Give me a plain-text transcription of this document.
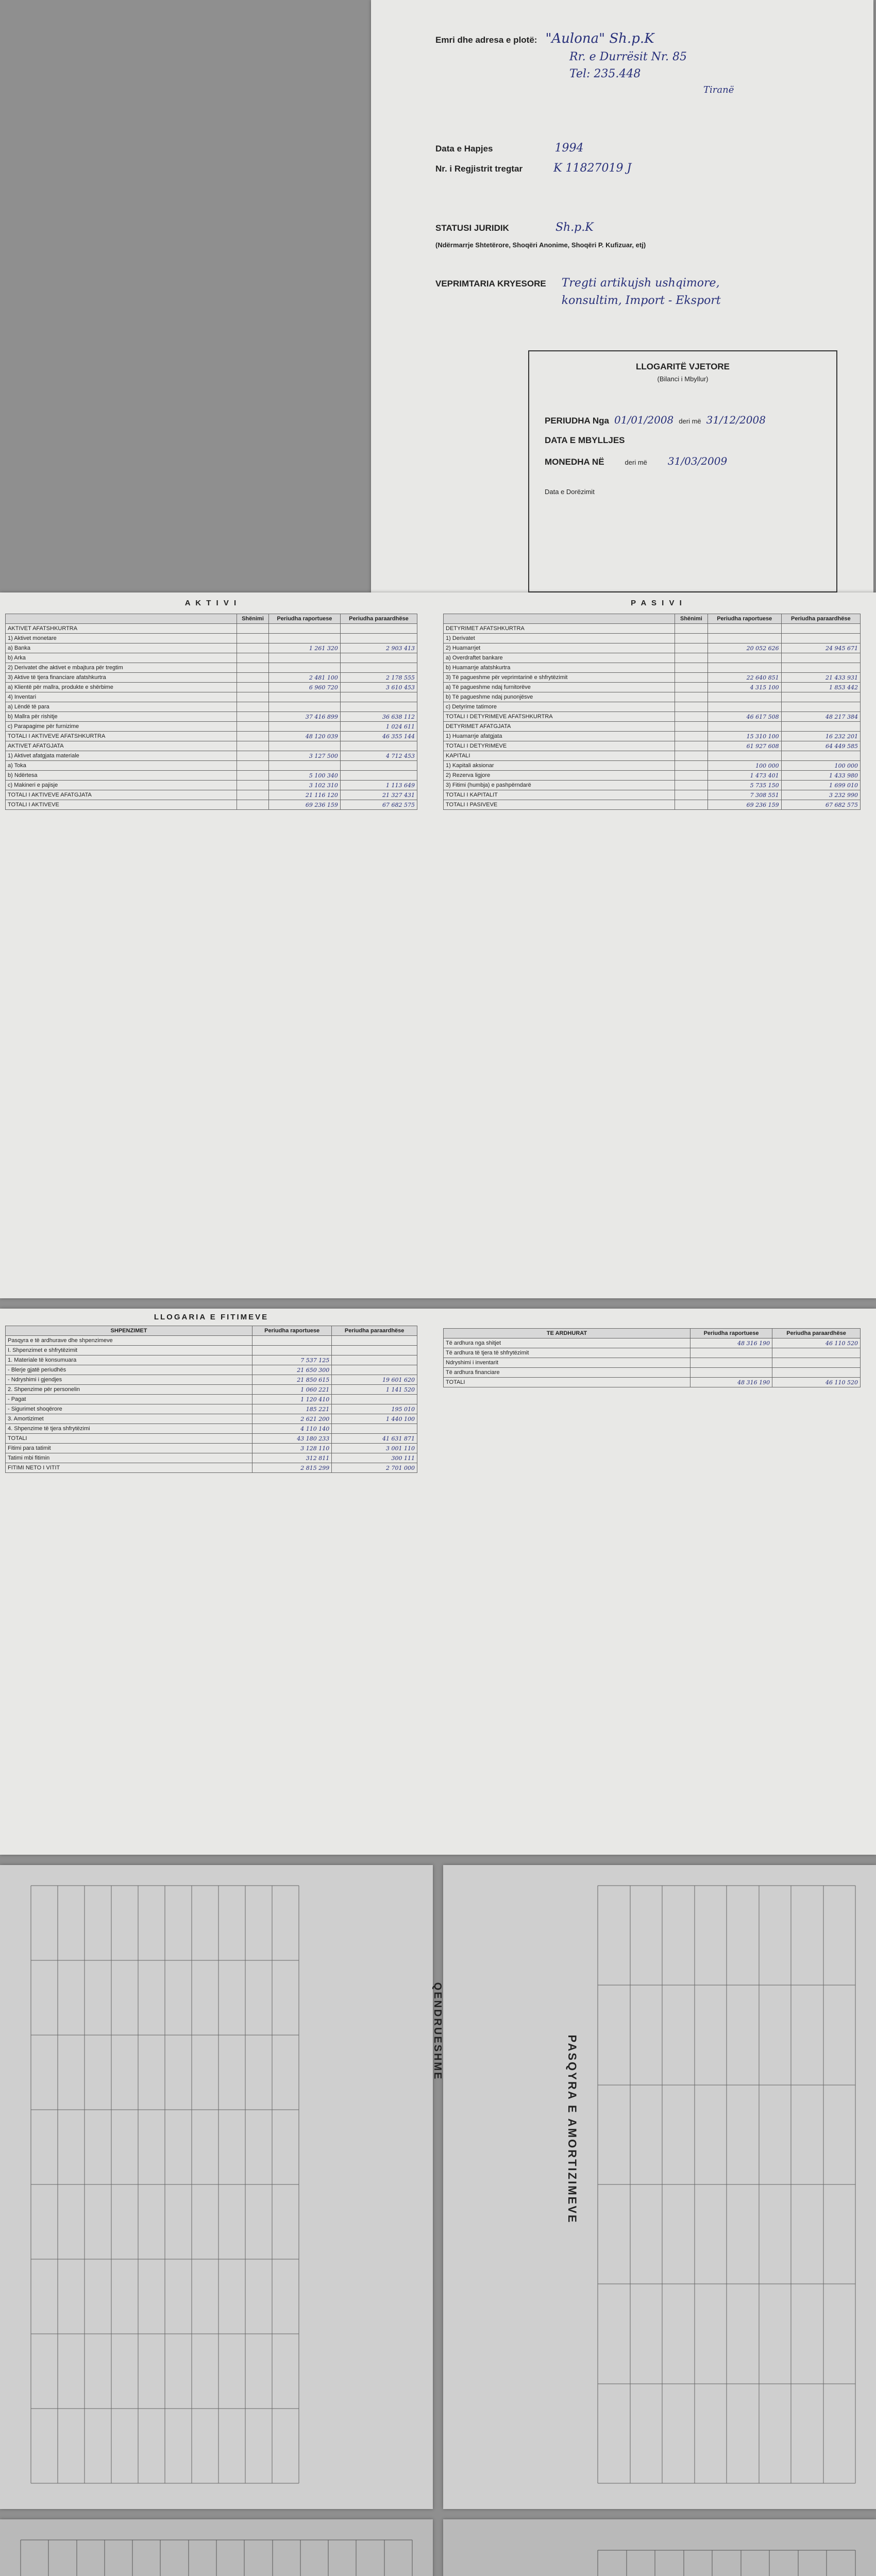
Emri dhe adresa e plotë: "Aulona" Sh.p.K
Rr. e Durrësit Nr. 85
Tel: 235.448
Tiranë
Data e Hapjes	1994
Nr. i Regjistrit tregtar	K 11827019 J
STATUSI JURIDIK	Sh.p.K
(Ndërmarrje Shtetërore, Shoqëri Anonime, Shoqëri P. Kufizuar, etj)
VEPRIMTARIA KRYESORE Tregti artikujsh ushqimore, konsultim, Import - Eksport
LLOGARITË VJETORE
(Bilanci i Mbyllur)
PERIUDHA Nga 01/01/2008 deri më 31/12/2008
DATA E MBYLLJES
MONEDHA NË	deri më 31/03/2009
Data e Dorëzimit
A K T I V I
	Shënimi	Periudha raportuese	Periudha paraardhëse
AKTIVET AFATSHKURTRA			
1) Aktivet monetare			
a) Banka		1 261 320	2 903 413
b) Arka			
2) Derivatet dhe aktivet e mbajtura për tregtim			
3) Aktive të tjera financiare afatshkurtra		2 481 100	2 178 555
a) Klientë për mallra, produkte e shërbime		6 960 720	3 610 453
4) Inventari			
a) Lëndë të para			
b) Mallra për rishitje		37 416 899	36 638 112
c) Parapagime për furnizime			1 024 611
TOTALI I AKTIVEVE AFATSHKURTRA		48 120 039	46 355 144
AKTIVET AFATGJATA			
1) Aktivet afatgjata materiale		3 127 500	4 712 453
a) Toka			
b) Ndërtesa		5 100 340	
c) Makineri e pajisje		3 102 310	1 113 649
TOTALI I AKTIVEVE AFATGJATA		21 116 120	21 327 431
TOTALI I AKTIVEVE		69 236 159	67 682 575
P A S I V I
	Shënimi	Periudha raportuese	Periudha paraardhëse
DETYRIMET AFATSHKURTRA			
1) Derivatet			
2) Huamarrjet		20 052 626	24 945 671
a) Overdraftet bankare			
b) Huamarrje afatshkurtra			
3) Të pagueshme për veprimtarinë e shfrytëzimit		22 640 851	21 433 931
a) Të pagueshme ndaj furnitorëve		4 315 100	1 853 442
b) Të pagueshme ndaj punonjësve			
c) Detyrime tatimore			
TOTALI I DETYRIMEVE AFATSHKURTRA		46 617 508	48 217 384
DETYRIMET AFATGJATA			
1) Huamarrje afatgjata		15 310 100	16 232 201
TOTALI I DETYRIMEVE		61 927 608	64 449 585
KAPITALI			
1) Kapitali aksionar		100 000	100 000
2) Rezerva ligjore		1 473 401	1 433 980
3) Fitimi (humbja) e pashpërndarë		5 735 150	1 699 010
TOTALI I KAPITALIT		7 308 551	3 232 990
TOTALI I PASIVEVE		69 236 159	67 682 575
LLOGARIA E FITIMEVE
SHPENZIMET	Periudha raportuese	Periudha paraardhëse
Pasqyra e të ardhurave dhe shpenzimeve		
I. Shpenzimet e shfrytëzimit		
1. Materiale të konsumuara	7 537 125	
- Blerje gjatë periudhës	21 650 300	
- Ndryshimi i gjendjes	21 850 615	19 601 620
2. Shpenzime për personelin	1 060 221	1 141 520
- Pagat	1 120 410	
- Sigurimet shoqërore	185 221	195 010
3. Amortizimet	2 621 200	1 440 100
4. Shpenzime të tjera shfrytëzimi	4 110 140	
TOTALI	43 180 233	41 631 871
Fitimi para tatimit	3 128 110	3 001 110
Tatimi mbi fitimin	312 811	300 111
FITIMI NETO I VITIT	2 815 299	2 701 000
TE ARDHURAT	Periudha raportuese	Periudha paraardhëse
Të ardhura nga shitjet	48 316 190	46 110 520
Të ardhura të tjera të shfrytëzimit		
Ndryshimi i inventarit		
Të ardhura financiare		
TOTALI	48 316 190	46 110 520
QENDRUESHME
PASQYRA E AMORTIZIMEVE
